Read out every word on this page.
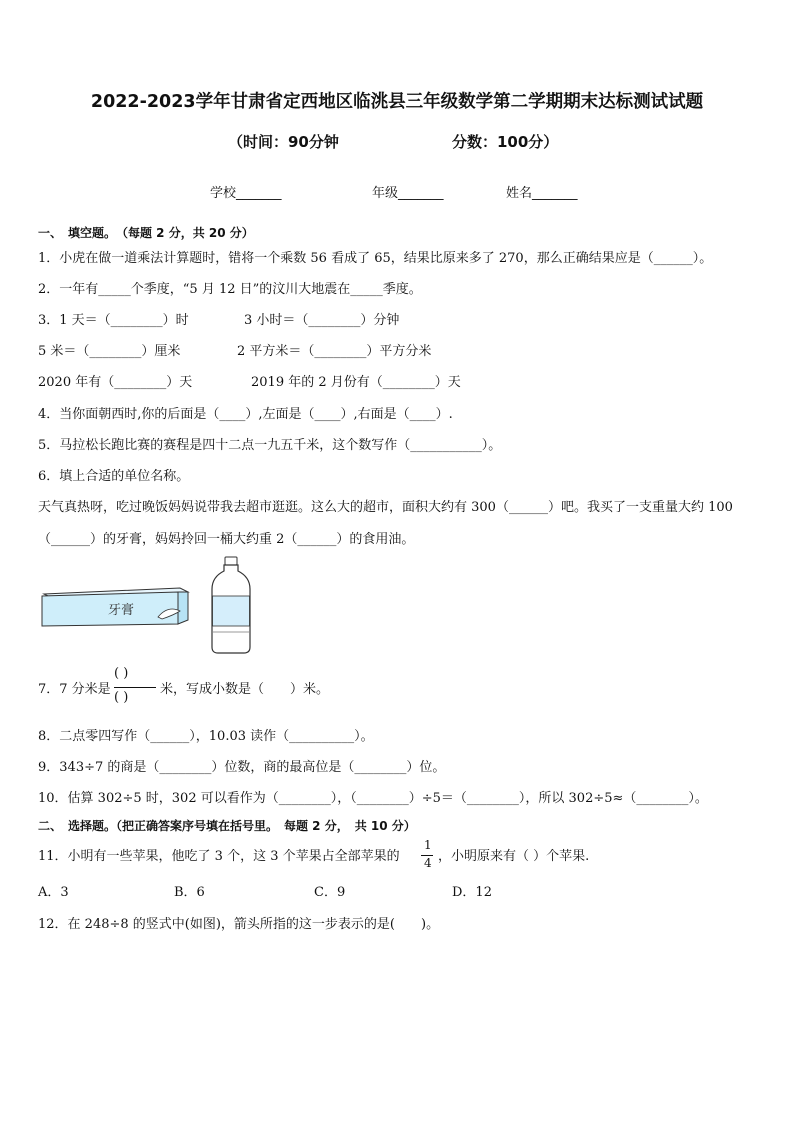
2022-2023学年甘肃省定西地区临洮县三年级数学第二学期期末达标测试试题
（时间：90分钟	分数：100分）
学校_______	年级_______	姓名_______
一、　填空题。　（每题 2 分，共 20 分）
1．小虎在做一道乘法计算题时，错将一个乘数 56 看成了 65，结果比原来多了 270，那么正确结果应是（______）。
2．一年有_____个季度，“5 月 12 日”的汶川大地震在_____季度。
3．1 天＝（________）时	3 小时＝（________）分钟
5 米＝（________）厘米	2 平方米＝（________）平方分米
2020 年有（________）天	2019 年的 2 月份有（________）天
4．当你面朝西时,你的后面是（____）,左面是（____）,右面是（____）.
5．马拉松长跑比赛的赛程是四十二点一九五千米，这个数写作（___________）。
6．填上合适的单位名称。
天气真热呀，吃过晚饭妈妈说带我去超市逛逛。这么大的超市，面积大约有 300（______）吧。我买了一支重量大约 100
（______）的牙膏，妈妈拎回一桶大约重 2（______）的食用油。
牙膏
7．7 分米是
( )
( )
米，写成小数是（　　）米。
8．二点零四写作（______），10.03 读作（__________）。
9．343÷7 的商是（________）位数，商的最高位是（________）位。
10．估算 302÷5 时，302 可以看作为（________），（________）÷5＝（________），所以 302÷5≈（________）。
二、　选择题。（把正确答案序号填在括号里。　每题 2 分，　共 10 分）
11．小明有一些苹果，他吃了 3 个，这 3 个苹果占全部苹果的
1
4 ，小明原来有（ ）个苹果.
A．3	B．6	C．9	D．12
12．在 248÷8 的竖式中(如图)，箭头所指的这一步表示的是(　　)。
